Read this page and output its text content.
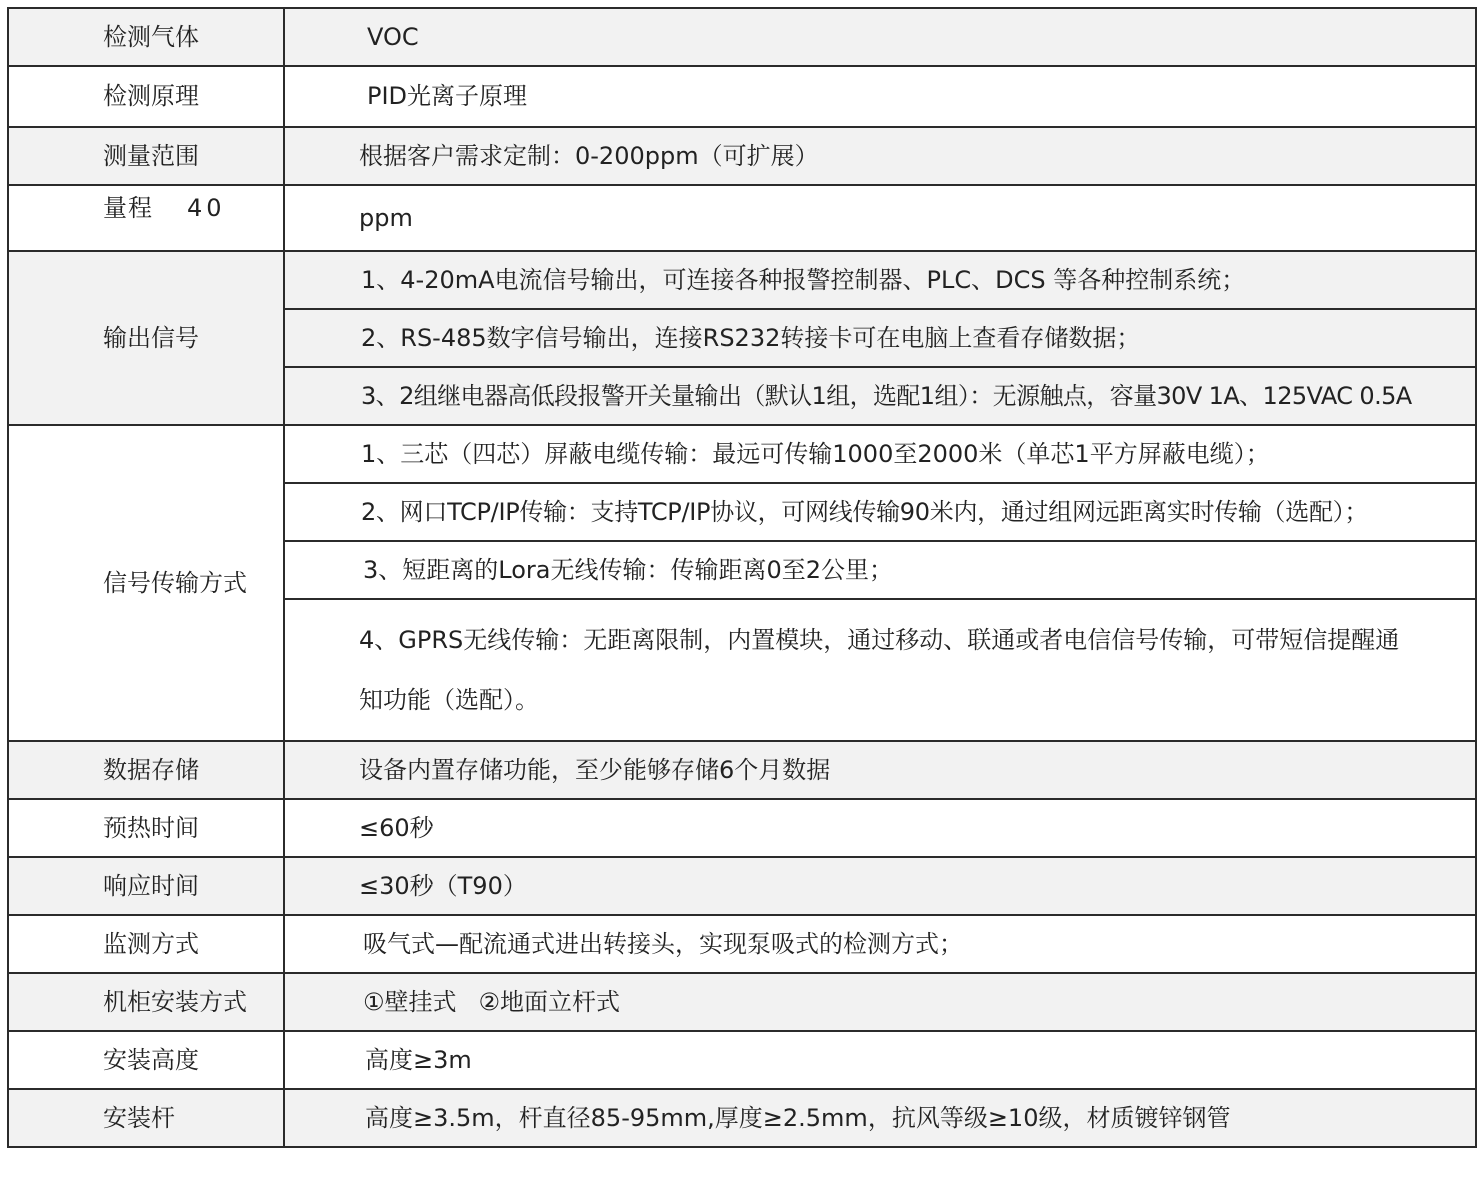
检测气体	VOC
检测原理	PID光离子原理
测量范围	根据客户需求定制：0-200ppm（可扩展）
量程 40	ppm
输出信号	1、4-20mA电流信号输出，可连接各种报警控制器、PLC、DCS 等各种控制系统；
	2、RS-485数字信号输出，连接RS232转接卡可在电脑上查看存储数据；
	3、2组继电器高低段报警开关量输出（默认1组，选配1组）：无源触点，容量30V 1A、125VAC 0.5A
信号传输方式	1、三芯（四芯）屏蔽电缆传输：最远可传输1000至2000米（单芯1平方屏蔽电缆）；
	2、网口TCP/IP传输：支持TCP/IP协议，可网线传输90米内，通过组网远距离实时传输（选配）；
	3、短距离的Lora无线传输：传输距离0至2公里；
	4、GPRS无线传输：无距离限制，内置模块，通过移动、联通或者电信信号传输，可带短信提醒通知功能（选配）。
数据存储	设备内置存储功能，至少能够存储6个月数据
预热时间	≤60秒
响应时间	≤30秒（T90）
监测方式	吸气式—配流通式进出转接头，实现泵吸式的检测方式；
机柜安装方式	①壁挂式 ②地面立杆式
安装高度	高度≥3m
安装杆	高度≥3.5m，杆直径85-95mm,厚度≥2.5mm，抗风等级≥10级，材质镀锌钢管
